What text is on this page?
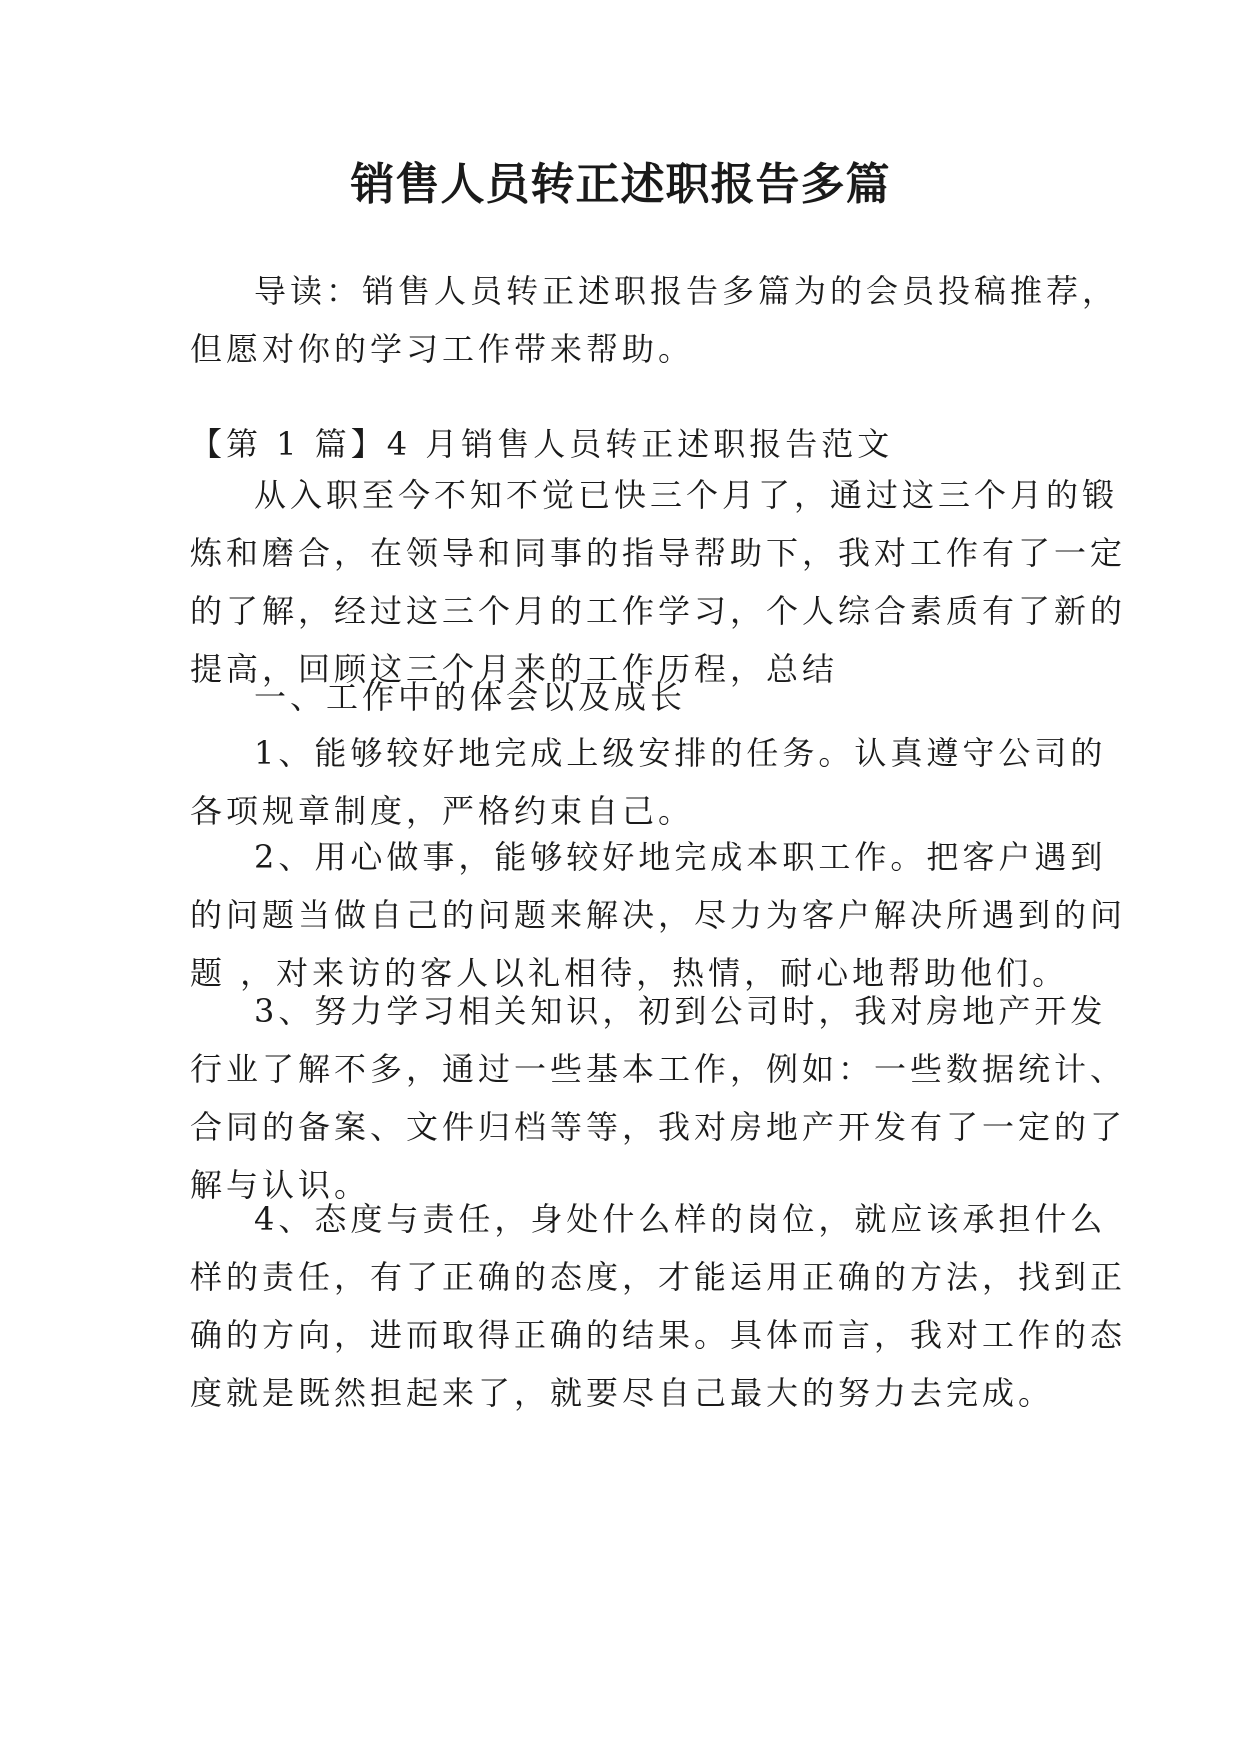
销售人员转正述职报告多篇
导读：销售人员转正述职报告多篇为的会员投稿推荐，
但愿对你的学习工作带来帮助。
【第 1 篇】4 月销售人员转正述职报告范文
从入职至今不知不觉已快三个月了，通过这三个月的锻
炼和磨合，在领导和同事的指导帮助下，我对工作有了一定
的了解，经过这三个月的工作学习，个人综合素质有了新的
提高，回顾这三个月来的工作历程，总结
一、工作中的体会以及成长
1、能够较好地完成上级安排的任务。认真遵守公司的
各项规章制度，严格约束自己。
2、用心做事，能够较好地完成本职工作。把客户遇到
的问题当做自己的问题来解决，尽力为客户解决所遇到的问
题 ，对来访的客人以礼相待，热情，耐心地帮助他们。
3、努力学习相关知识，初到公司时，我对房地产开发
行业了解不多，通过一些基本工作，例如：一些数据统计、
合同的备案、文件归档等等，我对房地产开发有了一定的了
解与认识。
4、态度与责任，身处什么样的岗位，就应该承担什么
样的责任，有了正确的态度，才能运用正确的方法，找到正
确的方向，进而取得正确的结果。具体而言，我对工作的态
度就是既然担起来了，就要尽自己最大的努力去完成。
